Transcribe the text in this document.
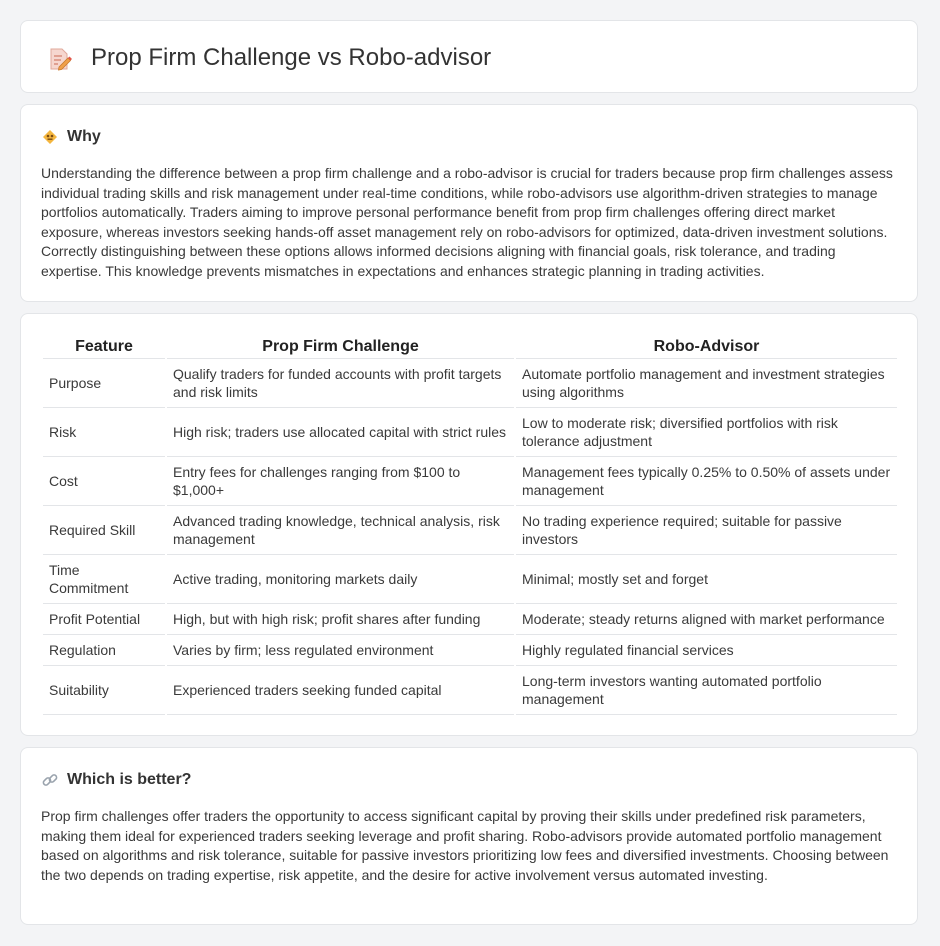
Prop Firm Challenge vs Robo-advisor
Why

Understanding the difference between a prop firm challenge and a robo-advisor is crucial for traders because prop firm challenges assess individual trading skills and risk management under real-time conditions, while robo-advisors use algorithm-driven strategies to manage portfolios automatically. Traders aiming to improve personal performance benefit from prop firm challenges offering direct market exposure, whereas investors seeking hands-off asset management rely on robo-advisors for optimized, data-driven investment solutions. Correctly distinguishing between these options allows informed decisions aligning with financial goals, risk tolerance, and trading expertise. This knowledge prevents mismatches in expectations and enhances strategic planning in trading activities.

Feature	Prop Firm Challenge	Robo-Advisor
Purpose	Qualify traders for funded accounts with profit targets and risk limits	Automate portfolio management and investment strategies using algorithms
Risk	High risk; traders use allocated capital with strict rules	Low to moderate risk; diversified portfolios with risk tolerance adjustment
Cost	Entry fees for challenges ranging from $100 to $1,000+	Management fees typically 0.25% to 0.50% of assets under management
Required Skill	Advanced trading knowledge, technical analysis, risk management	No trading experience required; suitable for passive investors
Time Commitment	Active trading, monitoring markets daily	Minimal; mostly set and forget
Profit Potential	High, but with high risk; profit shares after funding	Moderate; steady returns aligned with market performance
Regulation	Varies by firm; less regulated environment	Highly regulated financial services
Suitability	Experienced traders seeking funded capital	Long-term investors wanting automated portfolio management
Which is better?

Prop firm challenges offer traders the opportunity to access significant capital by proving their skills under predefined risk parameters, making them ideal for experienced traders seeking leverage and profit sharing. Robo-advisors provide automated portfolio management based on algorithms and risk tolerance, suitable for passive investors prioritizing low fees and diversified investments. Choosing between the two depends on trading expertise, risk appetite, and the desire for active involvement versus automated investing.
